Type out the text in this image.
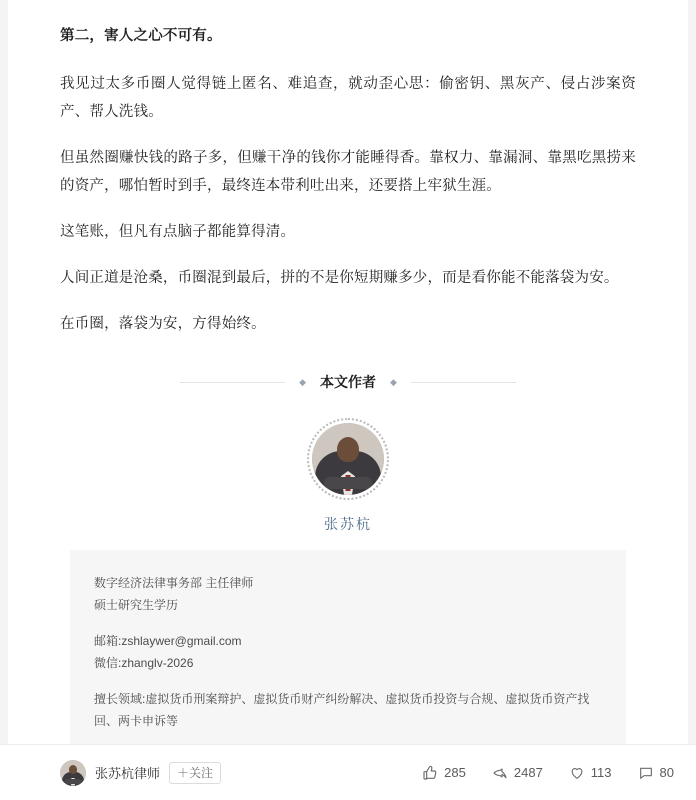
第二，害人之心不可有。

我见过太多币圈人觉得链上匿名、难追查，就动歪心思：偷密钥、黑灰产、侵占涉案资产、帮人洗钱。

但虽然圈赚快钱的路子多，但赚干净的钱你才能睡得香。靠权力、靠漏洞、靠黑吃黑捞来的资产，哪怕暂时到手，最终连本带利吐出来，还要搭上牢狱生涯。

这笔账，但凡有点脑子都能算得清。

人间正道是沧桑，币圈混到最后，拼的不是你短期赚多少，而是看你能不能落袋为安。

在币圈，落袋为安，方得始终。

◆	本文作者	◆
张苏杭
数字经济法律事务部 主任律师
硕士研究生学历
邮箱:zshlaywer@gmail.com
微信:zhanglv-2026
擅长领域:虚拟货币刑案辩护、虚拟货币财产纠纷解决、虚拟货币投资与合规、虚拟货币资产找回、两卡申诉等
张苏杭律师	＋关注	285	2487	113	80
